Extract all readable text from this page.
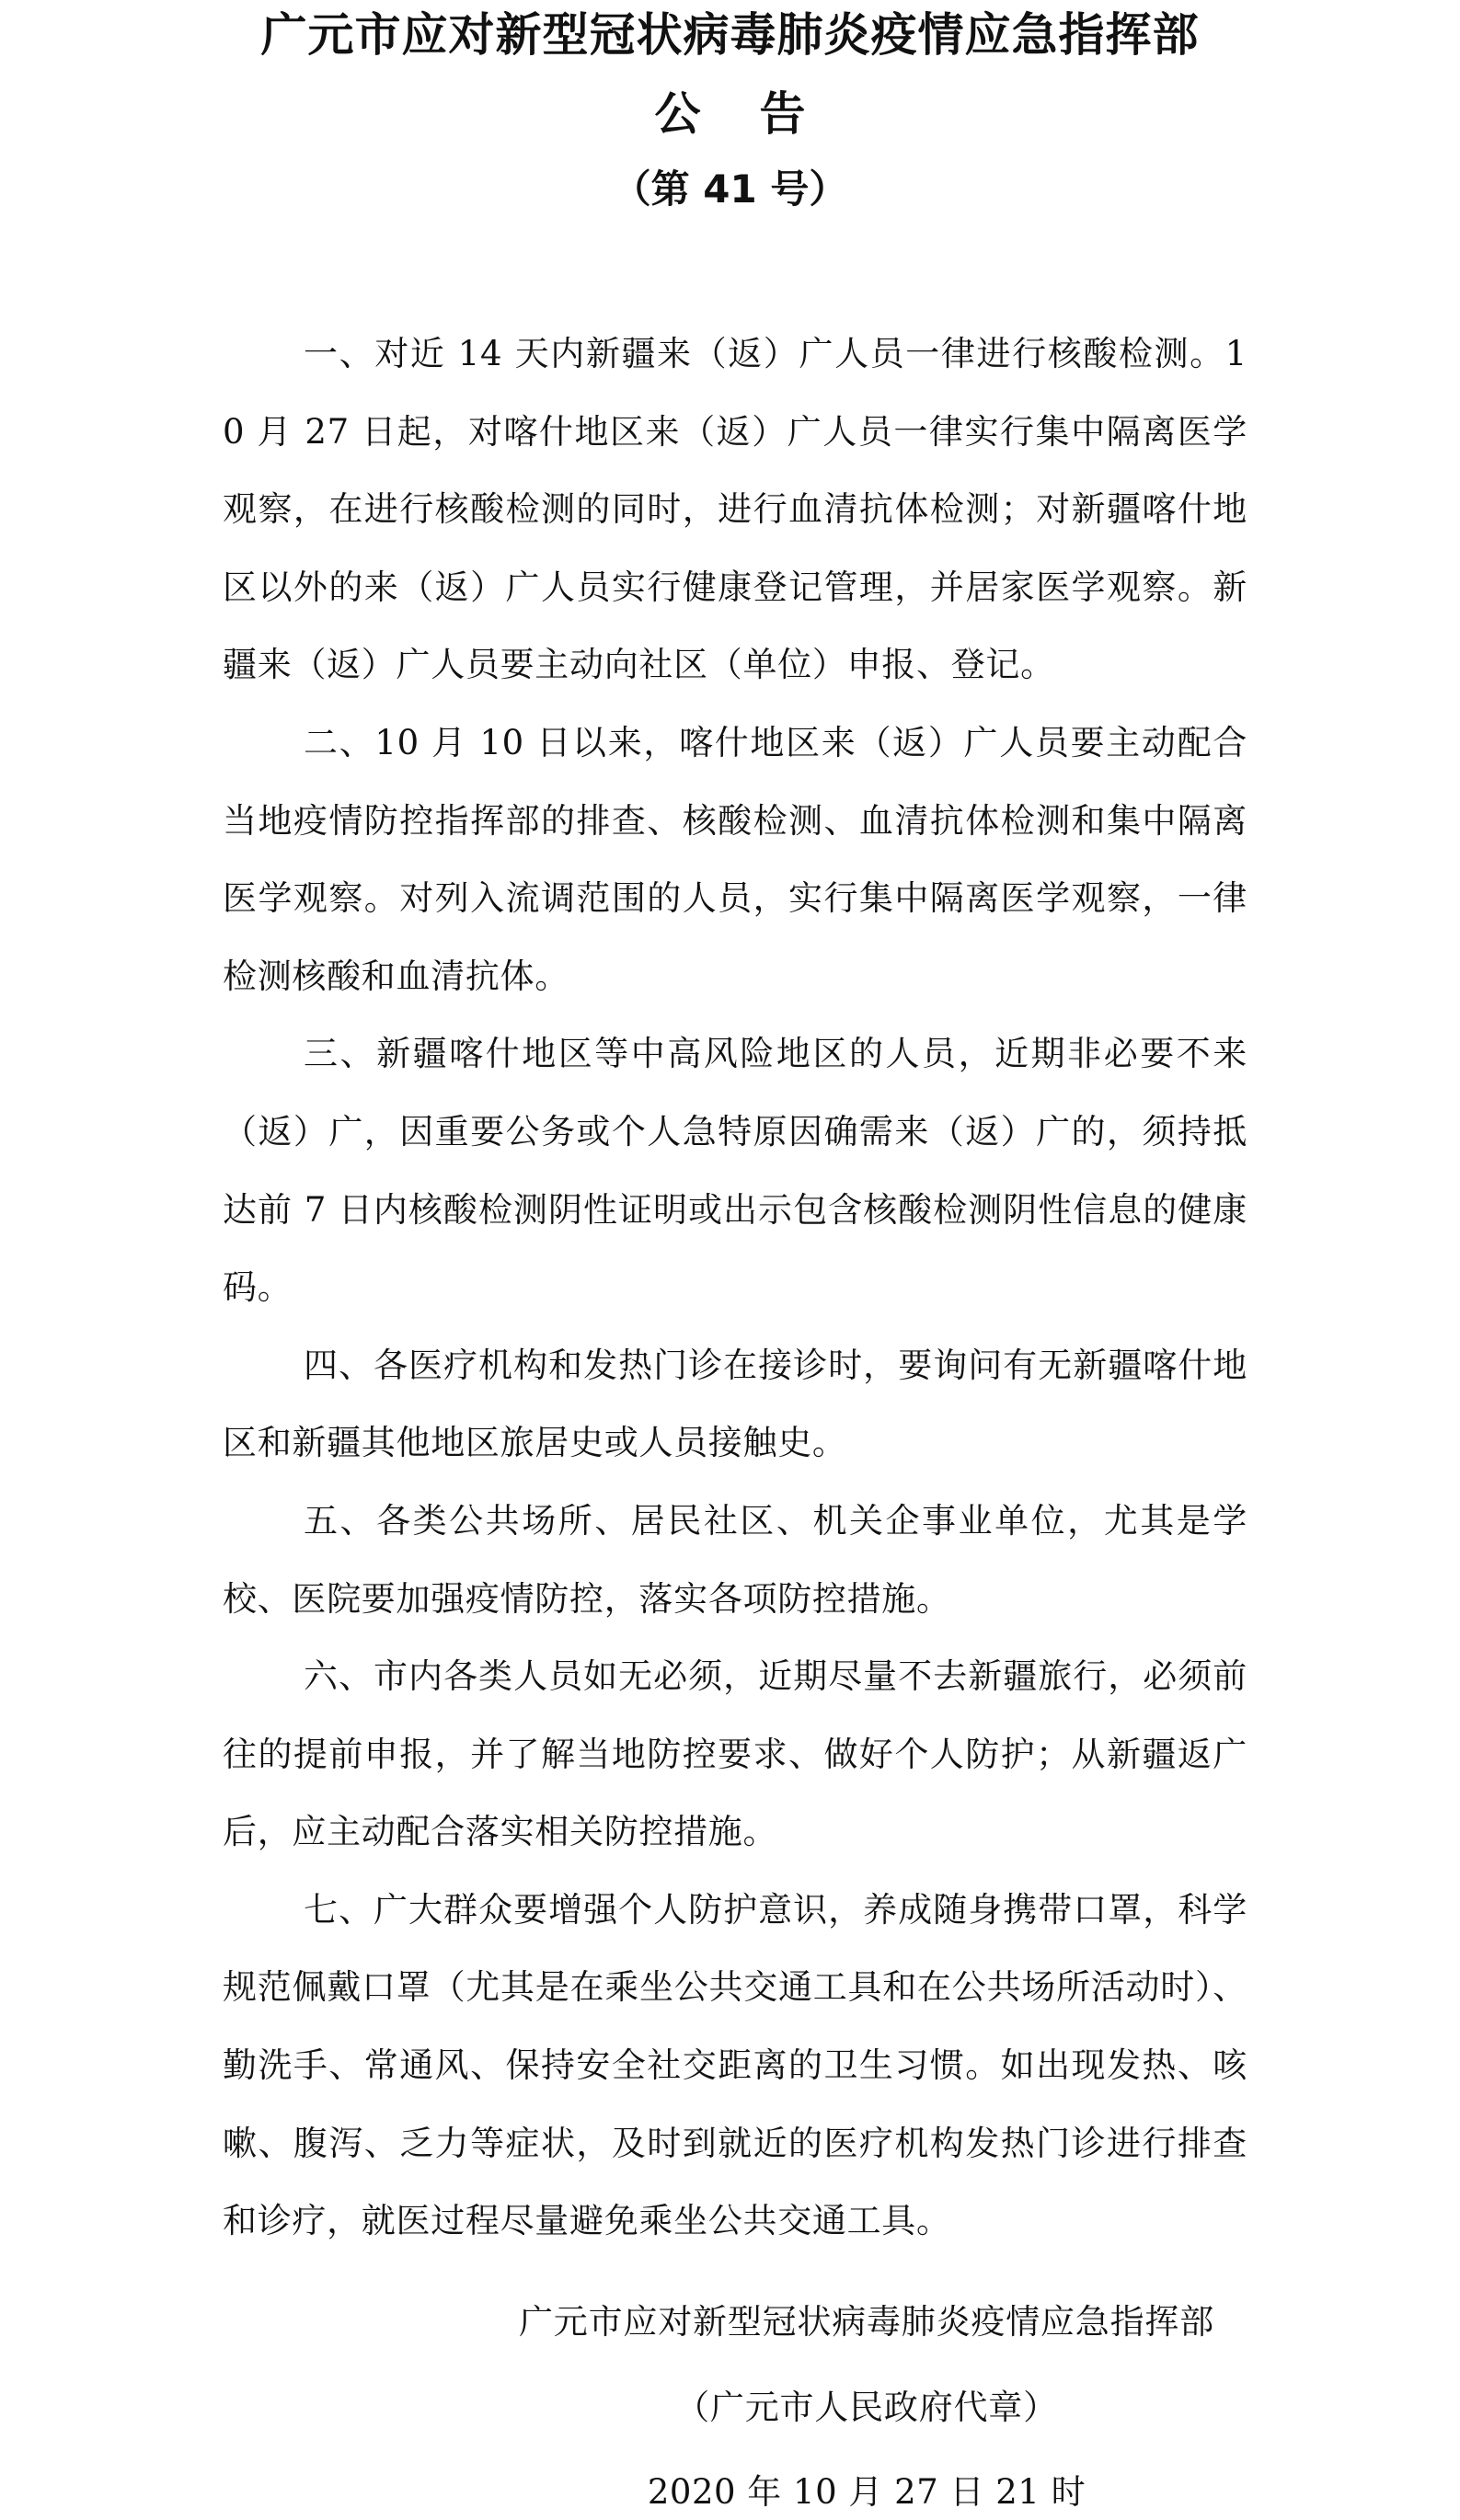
广元市应对新型冠状病毒肺炎疫情应急指挥部
公告
（第 41 号）

一、对近 14 天内新疆来（返）广人员一律进行核酸检测。10 月 27 日起，对喀什地区来（返）广人员一律实行集中隔离医学观察，在进行核酸检测的同时，进行血清抗体检测；对新疆喀什地区以外的来（返）广人员实行健康登记管理，并居家医学观察。新疆来（返）广人员要主动向社区（单位）申报、登记。

二、10 月 10 日以来，喀什地区来（返）广人员要主动配合当地疫情防控指挥部的排查、核酸检测、血清抗体检测和集中隔离医学观察。对列入流调范围的人员，实行集中隔离医学观察，一律检测核酸和血清抗体。

三、新疆喀什地区等中高风险地区的人员，近期非必要不来（返）广，因重要公务或个人急特原因确需来（返）广的，须持抵达前 7 日内核酸检测阴性证明或出示包含核酸检测阴性信息的健康码。

四、各医疗机构和发热门诊在接诊时，要询问有无新疆喀什地区和新疆其他地区旅居史或人员接触史。

五、各类公共场所、居民社区、机关企事业单位，尤其是学校、医院要加强疫情防控，落实各项防控措施。

六、市内各类人员如无必须，近期尽量不去新疆旅行，必须前往的提前申报，并了解当地防控要求、做好个人防护；从新疆返广后，应主动配合落实相关防控措施。

七、广大群众要增强个人防护意识，养成随身携带口罩，科学规范佩戴口罩（尤其是在乘坐公共交通工具和在公共场所活动时）、勤洗手、常通风、保持安全社交距离的卫生习惯。如出现发热、咳嗽、腹泻、乏力等症状，及时到就近的医疗机构发热门诊进行排查和诊疗，就医过程尽量避免乘坐公共交通工具。

广元市应对新型冠状病毒肺炎疫情应急指挥部
（广元市人民政府代章）
2020 年 10 月 27 日 21 时
